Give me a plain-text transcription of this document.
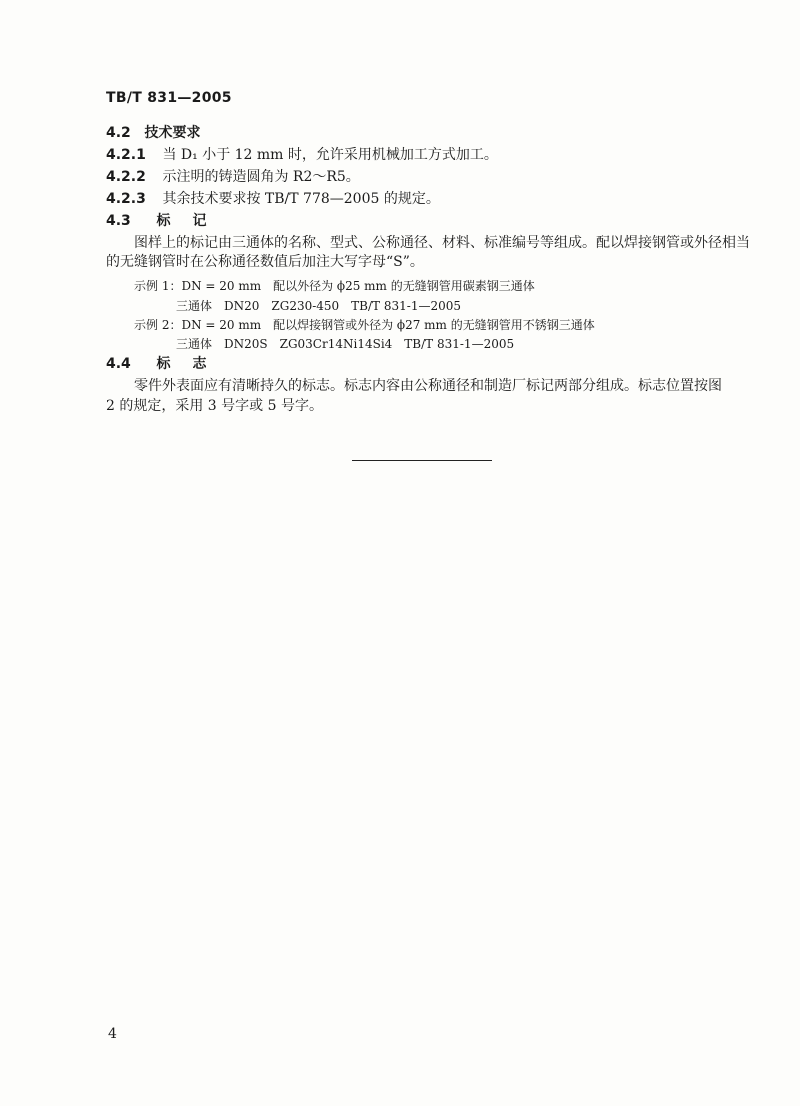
TB/T 831—2005
4.2 技术要求
4.2.1 当 D₁ 小于 12 mm 时，允许采用机械加工方式加工。
4.2.2 示注明的铸造圆角为 R2～R5。
4.2.3 其余技术要求按 TB/T 778—2005 的规定。
4.3 标记
图样上的标记由三通体的名称、型式、公称通径、材料、标准编号等组成。配以焊接钢管或外径相当
的无缝钢管时在公称通径数值后加注大写字母“S”。
示例 1：DN = 20 mm　配以外径为 ϕ25 mm 的无缝钢管用碳素钢三通体
三通体　DN20　ZG230-450　TB/T 831-1—2005
示例 2：DN = 20 mm　配以焊接钢管或外径为 ϕ27 mm 的无缝钢管用不锈钢三通体
三通体　DN20S　ZG03Cr14Ni14Si4　TB/T 831-1—2005
4.4 标志
零件外表面应有清晰持久的标志。标志内容由公称通径和制造厂标记两部分组成。标志位置按图
2 的规定，采用 3 号字或 5 号字。
4
